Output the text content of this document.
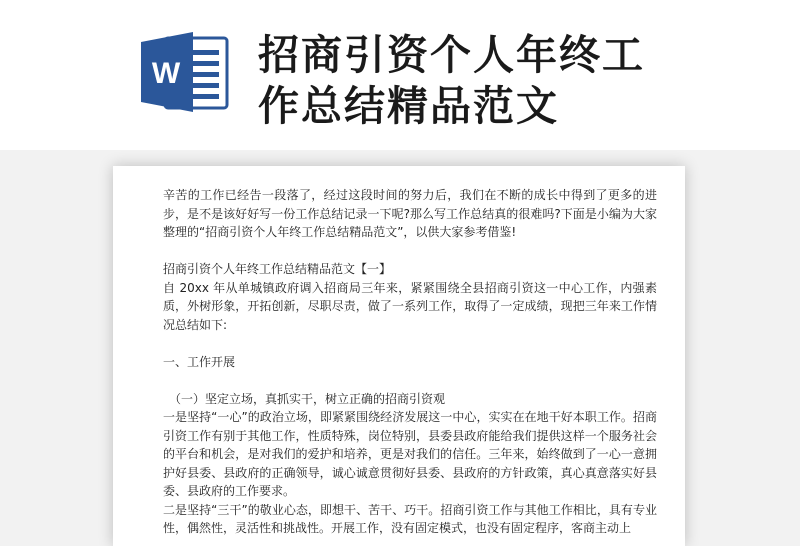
W 招商引资个人年终工
作总结精品范文

辛苦的工作已经告一段落了，经过这段时间的努力后，我们在不断的成长中得到了更多的进步，是不是该好好写一份工作总结记录一下呢?那么写工作总结真的很难吗?下面是小编为大家整理的“招商引资个人年终工作总结精品范文”，以供大家参考借鉴!

招商引资个人年终工作总结精品范文【一】

自 20xx 年从单城镇政府调入招商局三年来，紧紧围绕全县招商引资这一中心工作，内强素质，外树形象，开拓创新，尽职尽责，做了一系列工作，取得了一定成绩，现把三年来工作情况总结如下:

一、工作开展

（一）坚定立场，真抓实干，树立正确的招商引资观

一是坚持“一心”的政治立场，即紧紧围绕经济发展这一中心，实实在在地干好本职工作。招商引资工作有别于其他工作，性质特殊，岗位特别，县委县政府能给我们提供这样一个服务社会的平台和机会，是对我们的爱护和培养，更是对我们的信任。三年来，始终做到了一心一意拥护好县委、县政府的正确领导，诚心诚意贯彻好县委、县政府的方针政策，真心真意落实好县委、县政府的工作要求。

二是坚持“三干”的敬业心态，即想干、苦干、巧干。招商引资工作与其他工作相比，具有专业性，偶然性，灵活性和挑战性。开展工作，没有固定模式，也没有固定程序，客商主动上
